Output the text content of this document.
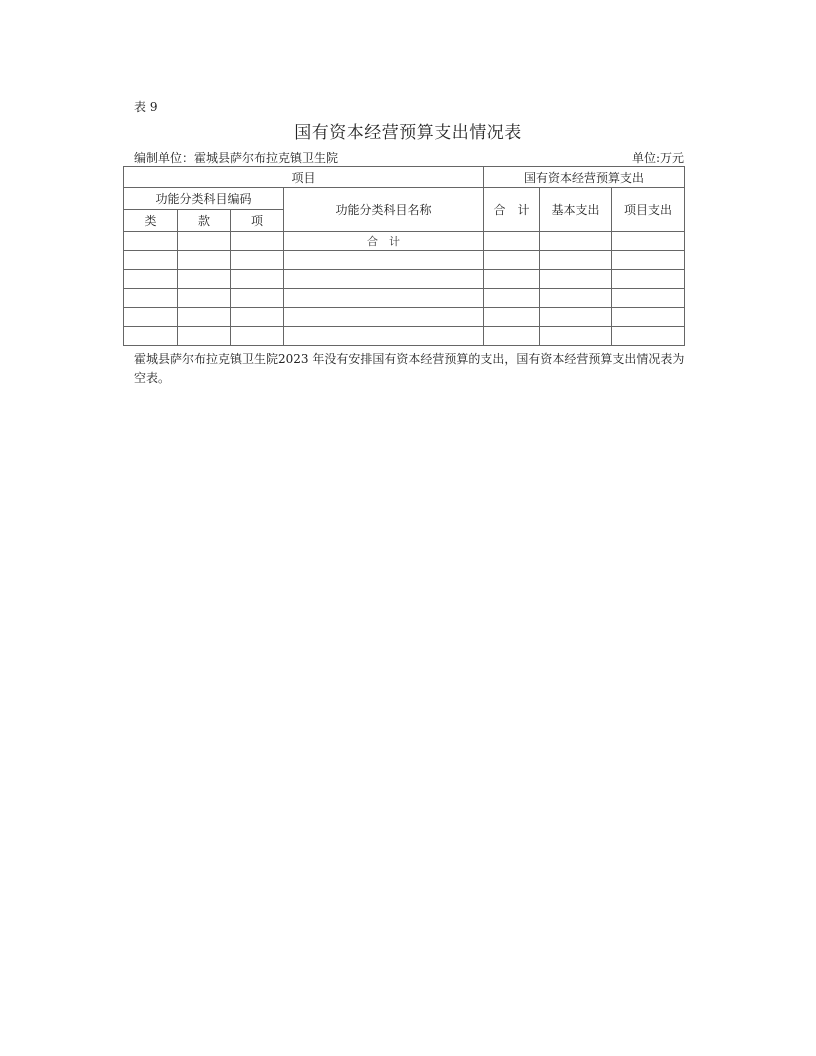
表 9
国有资本经营预算支出情况表
编制单位：霍城县萨尔布拉克镇卫生院	单位:万元
项目				国有资本经营预算支出		
功能分类科目编码			功能分类科目名称	合　计	基本支出	项目支出
类	款	项				
			合　计			

霍城县萨尔布拉克镇卫生院2023 年没有安排国有资本经营预算的支出，国有资本经营预算支出情况表为空表。
